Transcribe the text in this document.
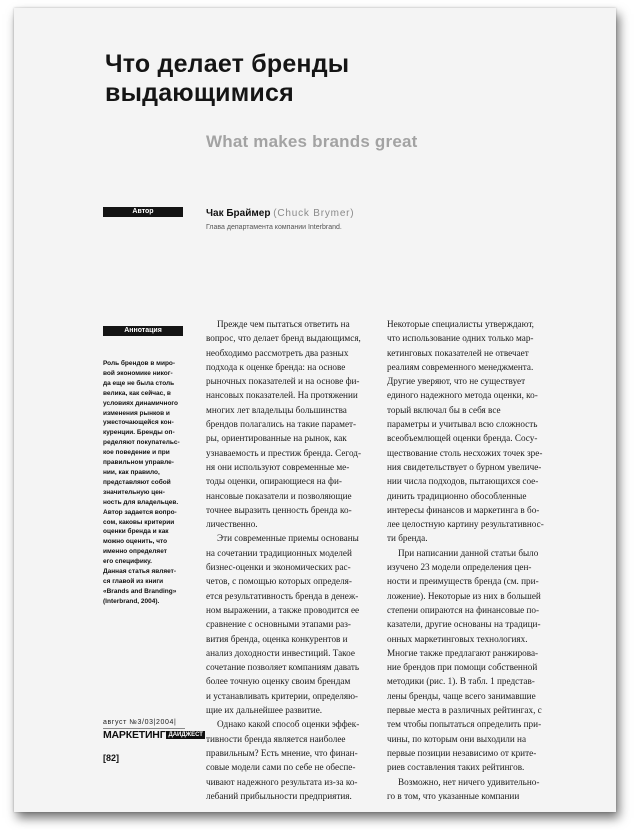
Что делает бренды
выдающимися
What makes brands great
Автор	Чак Браймер (Chuck Brymer)
Глава департамента компании Interbrand.
Аннотация
Роль брендов в миро-
вой экономике никог-
да еще не была столь
велика, как сейчас, в
условиях динамичного
изменения рынков и
ужесточающейся кон-
куренции. Бренды оп-
ределяют покупательс-
кое поведение и при
правильном управле-
нии, как правило,
представляют собой
значительную цен-
ность для владельцев.
Автор задается вопро-
сом, каковы критерии
оценки бренда и как
можно оценить, что
именно определяет
его специфику.
Данная статья являет-
ся главой из книги
«Brands and Branding»
(Interbrand, 2004).
Прежде чем пытаться ответить на
вопрос, что делает бренд выдающимся,
необходимо рассмотреть два разных
подхода к оценке бренда: на основе
рыночных показателей и на основе фи-
нансовых показателей. На протяжении
многих лет владельцы большинства
брендов полагались на такие парамет-
ры, ориентированные на рынок, как
узнаваемость и престиж бренда. Сегод-
ня они используют современные ме-
тоды оценки, опирающиеся на фи-
нансовые показатели и позволяющие
точнее выразить ценность бренда ко-
личественно.
Эти современные приемы основаны
на сочетании традиционных моделей
бизнес-оценки и экономических рас-
четов, с помощью которых определя-
ется результативность бренда в денеж-
ном выражении, а также проводится ее
сравнение с основными этапами раз-
вития бренда, оценка конкурентов и
анализ доходности инвестиций. Такое
сочетание позволяет компаниям давать
более точную оценку своим брендам
и устанавливать критерии, определяю-
щие их дальнейшее развитие.
Однако какой способ оценки эффек-
тивности бренда является наиболее
правильным? Есть мнение, что финан-
совые модели сами по себе не обеспе-
чивают надежного результата из-за ко-
лебаний прибыльности предприятия.
Некоторые специалисты утверждают,
что использование одних только мар-
кетинговых показателей не отвечает
реалиям современного менеджмента.
Другие уверяют, что не существует
единого надежного метода оценки, ко-
торый включал бы в себя все
параметры и учитывал всю сложность
всеобъемлющей оценки бренда. Сосу-
ществование столь несхожих точек зре-
ния свидетельствует о бурном увеличе-
нии числа подходов, пытающихся сое-
динить традиционно обособленные
интересы финансов и маркетинга в бо-
лее целостную картину результативнос-
ти бренда.
При написании данной статьи было
изучено 23 модели определения цен-
ности и преимуществ бренда (см. при-
ложение). Некоторые из них в большей
степени опираются на финансовые по-
казатели, другие основаны на традици-
онных маркетинговых технологиях.
Многие также предлагают ранжирова-
ние брендов при помощи собственной
методики (рис. 1). В табл. 1 представ-
лены бренды, чаще всего занимавшие
первые места в различных рейтингах, с
тем чтобы попытаться определить при-
чины, по которым они выходили на
первые позиции независимо от крите-
риев составления таких рейтингов.
Возможно, нет ничего удивительно-
го в том, что указанные компании
август №3/03|2004|
МАРКЕТИНГ ДАЙДЖЕСТ
[82]
